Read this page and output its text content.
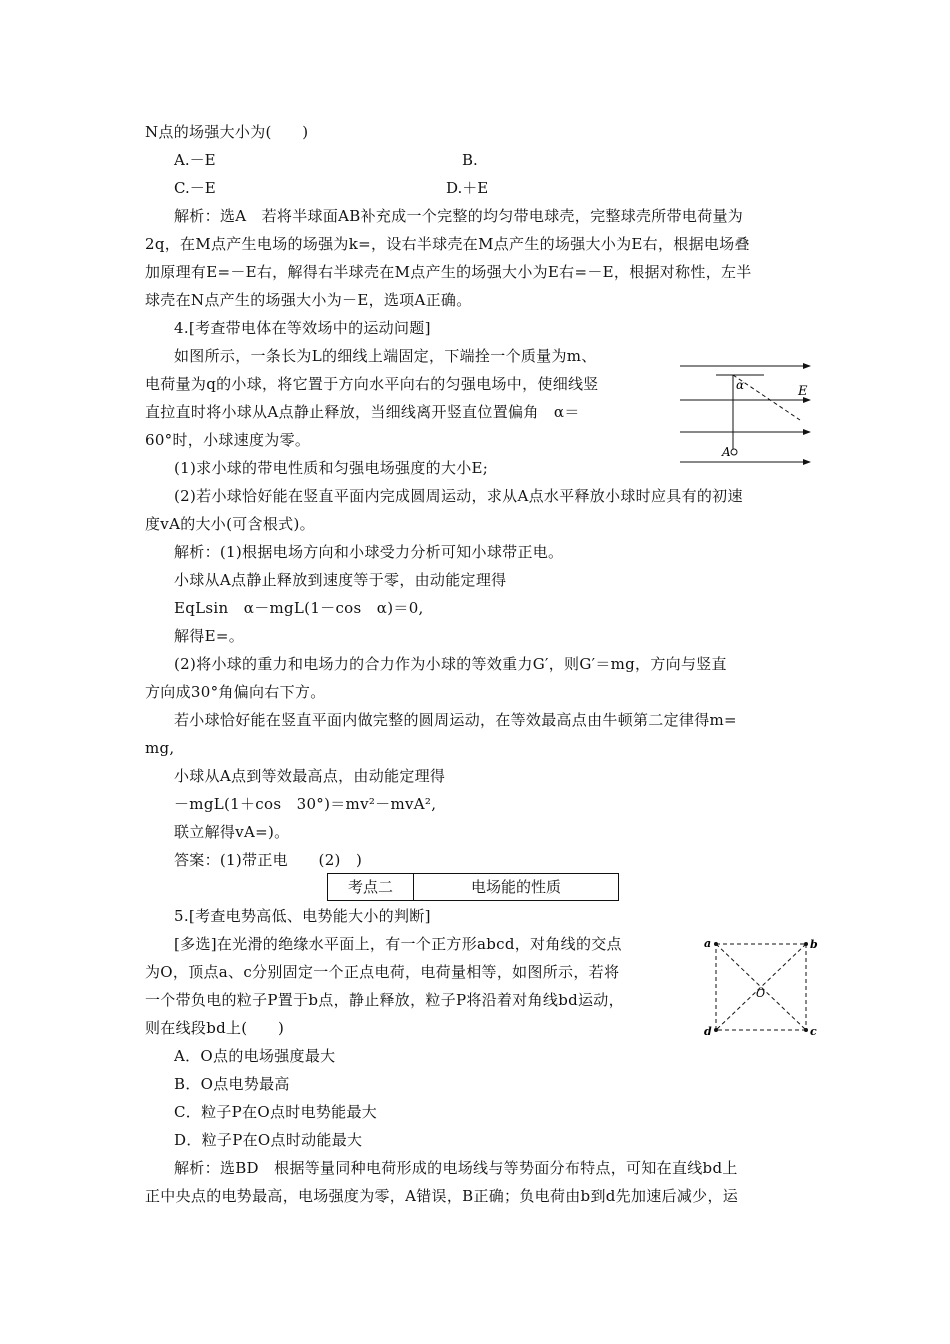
N点的场强大小为(　　)
A.－E	B.
C.－E	D.＋E
解析：选A　若将半球面AB补充成一个完整的均匀带电球壳，完整球壳所带电荷量为
2q，在M点产生电场的场强为k=，设右半球壳在M点产生的场强大小为E右，根据电场叠
加原理有E=－E右，解得右半球壳在M点产生的场强大小为E右=－E，根据对称性，左半
球壳在N点产生的场强大小为－E，选项A正确。
4.[考查带电体在等效场中的运动问题]
如图所示，一条长为L的细线上端固定，下端拴一个质量为m、
电荷量为q的小球，将它置于方向水平向右的匀强电场中，使细线竖
直拉直时将小球从A点静止释放，当细线离开竖直位置偏角　α＝
60°时，小球速度为零。
(1)求小球的带电性质和匀强电场强度的大小E;
(2)若小球恰好能在竖直平面内完成圆周运动，求从A点水平释放小球时应具有的初速
度vA的大小(可含根式)。
α	E
A
解析：(1)根据电场方向和小球受力分析可知小球带正电。
小球从A点静止释放到速度等于零，由动能定理得
EqLsin　α－mgL(1－cos　α)＝0,
解得E=。
(2)将小球的重力和电场力的合力作为小球的等效重力G′，则G′＝mg，方向与竖直
方向成30°角偏向右下方。
若小球恰好能在竖直平面内做完整的圆周运动，在等效最高点由牛顿第二定律得m=
mg,
小球从A点到等效最高点，由动能定理得
－mgL(1＋cos　30°)＝mv²－mvA²,
联立解得vA=)。
答案：(1)带正电　　(2)　)
考点二	电场能的性质
5.[考查电势高低、电势能大小的判断]
[多选]在光滑的绝缘水平面上，有一个正方形abcd，对角线的交点
为O，顶点a、c分别固定一个正点电荷，电荷量相等，如图所示，若将
一个带负电的粒子P置于b点，静止释放，粒子P将沿着对角线bd运动，
则在线段bd上(　　)
a	b
c
d
O
A．O点的电场强度最大
B．O点电势最高
C．粒子P在O点时电势能最大
D．粒子P在O点时动能最大
解析：选BD　根据等量同种电荷形成的电场线与等势面分布特点，可知在直线bd上
正中央点的电势最高，电场强度为零，A错误，B正确；负电荷由b到d先加速后减少，运
